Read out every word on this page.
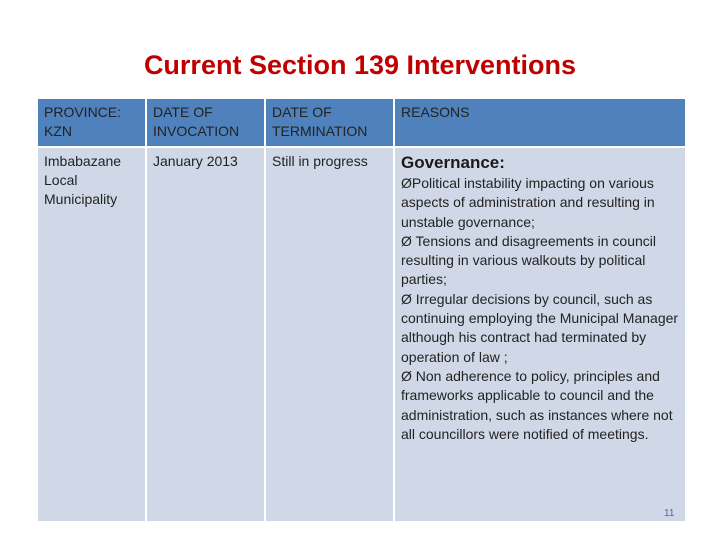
Current Section 139 Interventions
PROVINCE: KZN	DATE OF INVOCATION	DATE OF TERMINATION	REASONS
Imbabazane Local Municipality	January 2013	Still in progress	Governance:
ØPolitical instability impacting on various aspects of administration and resulting in unstable governance;
Ø Tensions and disagreements in council resulting in various walkouts by political parties;
Ø Irregular decisions by council, such as continuing employing the Municipal Manager although his contract had terminated by operation of law ;
Ø Non adherence to policy, principles and frameworks applicable to council and the administration, such as instances where not all councillors were notified of meetings.
11
